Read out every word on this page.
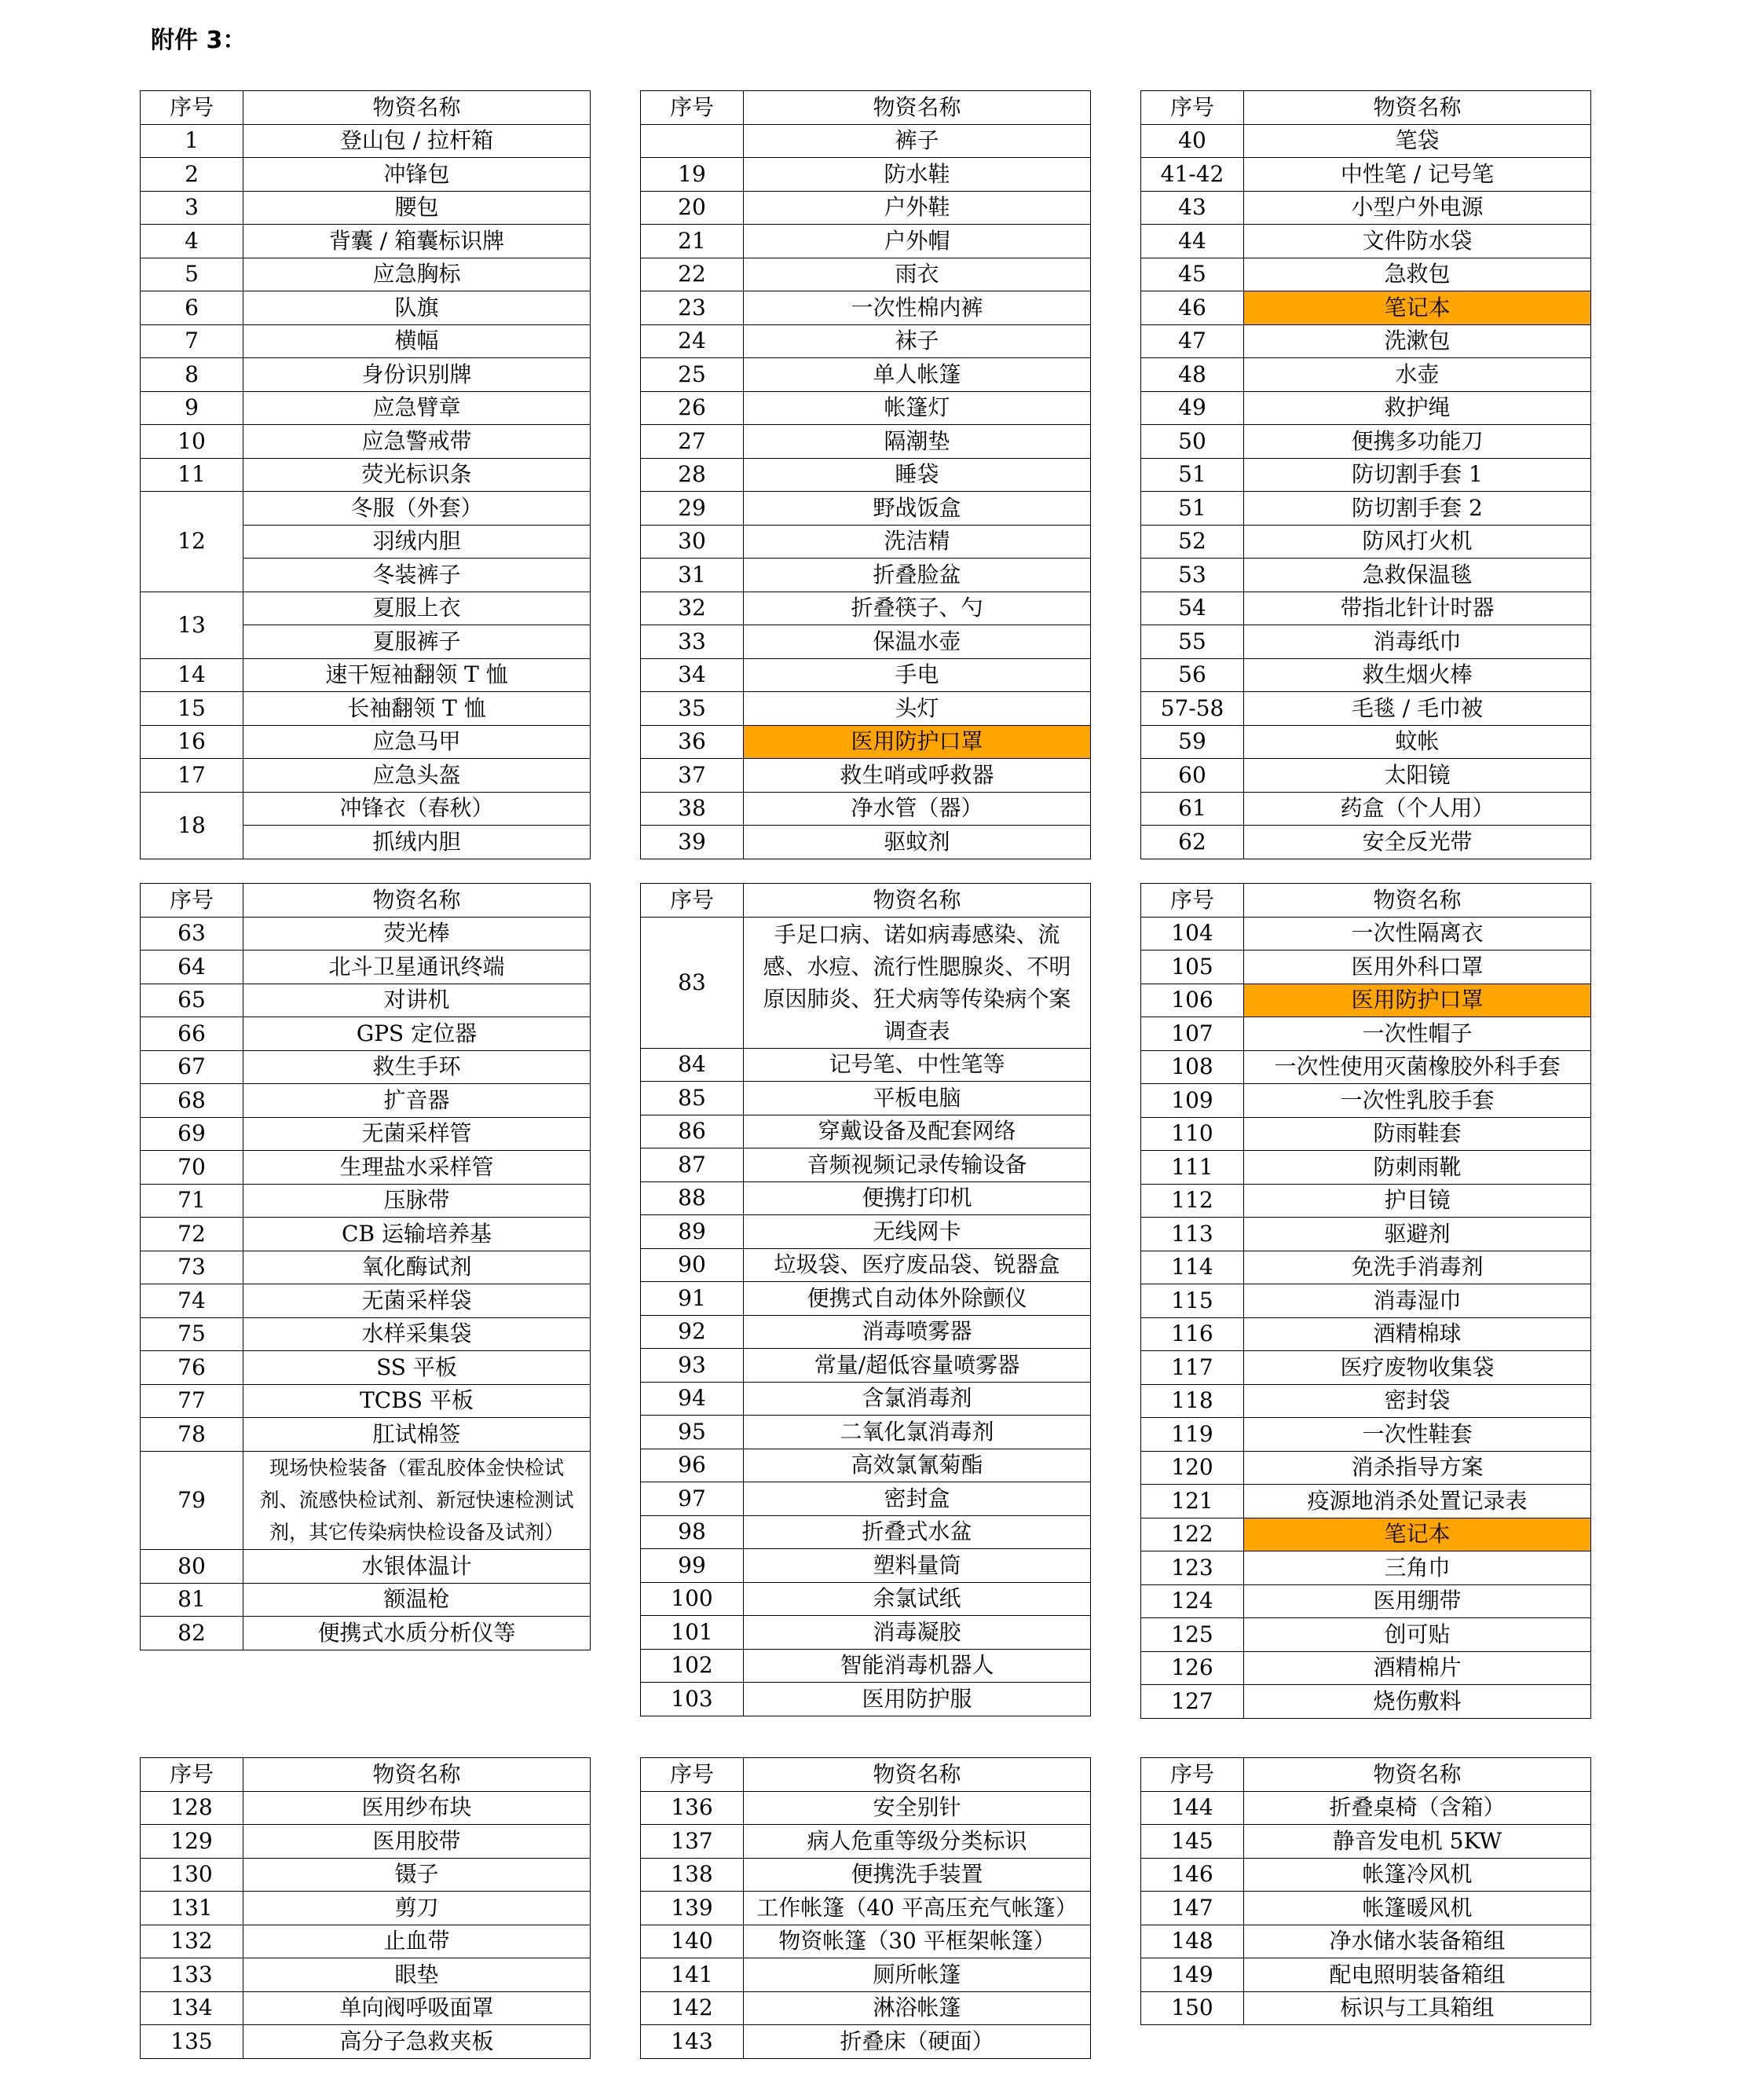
附件 3：
序号	物资名称
1	登山包 / 拉杆箱
2	冲锋包
3	腰包
4	背囊 / 箱囊标识牌
5	应急胸标
6	队旗
7	横幅
8	身份识别牌
9	应急臂章
10	应急警戒带
11	荧光标识条
12	冬服（外套）
	羽绒内胆
	冬装裤子
13	夏服上衣
	夏服裤子
14	速干短袖翻领 T 恤
15	长袖翻领 T 恤
16	应急马甲
17	应急头盔
18	冲锋衣（春秋）
	抓绒内胆
序号	物资名称
	裤子
19	防水鞋
20	户外鞋
21	户外帽
22	雨衣
23	一次性棉内裤
24	袜子
25	单人帐篷
26	帐篷灯
27	隔潮垫
28	睡袋
29	野战饭盒
30	洗洁精
31	折叠脸盆
32	折叠筷子、勺
33	保温水壶
34	手电
35	头灯
36	医用防护口罩
37	救生哨或呼救器
38	净水管（器）
39	驱蚊剂
序号	物资名称
40	笔袋
41-42	中性笔 / 记号笔
43	小型户外电源
44	文件防水袋
45	急救包
46	笔记本
47	洗漱包
48	水壶
49	救护绳
50	便携多功能刀
51	防切割手套 1
51	防切割手套 2
52	防风打火机
53	急救保温毯
54	带指北针计时器
55	消毒纸巾
56	救生烟火棒
57-58	毛毯 / 毛巾被
59	蚊帐
60	太阳镜
61	药盒（个人用）
62	安全反光带
序号	物资名称
63	荧光棒
64	北斗卫星通讯终端
65	对讲机
66	GPS 定位器
67	救生手环
68	扩音器
69	无菌采样管
70	生理盐水采样管
71	压脉带
72	CB 运输培养基
73	氧化酶试剂
74	无菌采样袋
75	水样采集袋
76	SS 平板
77	TCBS 平板
78	肛试棉签
79	现场快检装备（霍乱胶体金快检试剂、流感快检试剂、新冠快速检测试剂，其它传染病快检设备及试剂）
80	水银体温计
81	额温枪
82	便携式水质分析仪等
序号	物资名称
83	手足口病、诺如病毒感染、流感、水痘、流行性腮腺炎、不明原因肺炎、狂犬病等传染病个案调查表
84	记号笔、中性笔等
85	平板电脑
86	穿戴设备及配套网络
87	音频视频记录传输设备
88	便携打印机
89	无线网卡
90	垃圾袋、医疗废品袋、锐器盒
91	便携式自动体外除颤仪
92	消毒喷雾器
93	常量/超低容量喷雾器
94	含氯消毒剂
95	二氧化氯消毒剂
96	高效氯氰菊酯
97	密封盒
98	折叠式水盆
99	塑料量筒
100	余氯试纸
101	消毒凝胶
102	智能消毒机器人
103	医用防护服
序号	物资名称
104	一次性隔离衣
105	医用外科口罩
106	医用防护口罩
107	一次性帽子
108	一次性使用灭菌橡胶外科手套
109	一次性乳胶手套
110	防雨鞋套
111	防刺雨靴
112	护目镜
113	驱避剂
114	免洗手消毒剂
115	消毒湿巾
116	酒精棉球
117	医疗废物收集袋
118	密封袋
119	一次性鞋套
120	消杀指导方案
121	疫源地消杀处置记录表
122	笔记本
123	三角巾
124	医用绷带
125	创可贴
126	酒精棉片
127	烧伤敷料
序号	物资名称
128	医用纱布块
129	医用胶带
130	镊子
131	剪刀
132	止血带
133	眼垫
134	单向阀呼吸面罩
135	高分子急救夹板
序号	物资名称
136	安全别针
137	病人危重等级分类标识
138	便携洗手装置
139	工作帐篷（40 平高压充气帐篷）
140	物资帐篷（30 平框架帐篷）
141	厕所帐篷
142	淋浴帐篷
143	折叠床（硬面）
序号	物资名称
144	折叠桌椅（含箱）
145	静音发电机 5KW
146	帐篷冷风机
147	帐篷暖风机
148	净水储水装备箱组
149	配电照明装备箱组
150	标识与工具箱组
